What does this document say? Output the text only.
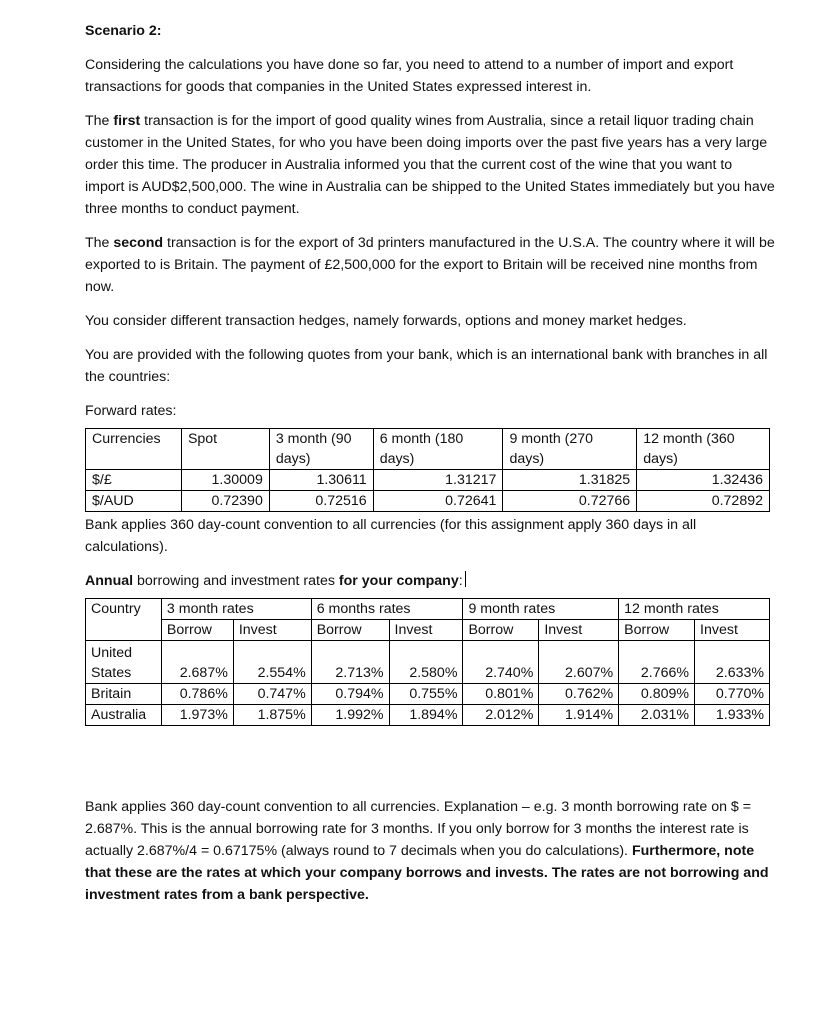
Scenario 2:

Considering the calculations you have done so far, you need to attend to a number of import and export transactions for goods that companies in the United States expressed interest in.

The first transaction is for the import of good quality wines from Australia, since a retail liquor trading chain customer in the United States, for who you have been doing imports over the past five years has a very large order this time. The producer in Australia informed you that the current cost of the wine that you want to import is AUD$2,500,000. The wine in Australia can be shipped to the United States immediately but you have three months to conduct payment.

The second transaction is for the export of 3d printers manufactured in the U.S.A. The country where it will be exported to is Britain. The payment of £2,500,000 for the export to Britain will be received nine months from now.

You consider different transaction hedges, namely forwards, options and money market hedges.

You are provided with the following quotes from your bank, which is an international bank with branches in all the countries:

Forward rates:

Currencies	Spot	3 month (90 days)	6 month (180 days)	9 month (270 days)	12 month (360 days)
$/£	1.30009	1.30611	1.31217	1.31825	1.32436
$/AUD	0.72390	0.72516	0.72641	0.72766	0.72892

Bank applies 360 day-count convention to all currencies (for this assignment apply 360 days in all calculations).

Annual borrowing and investment rates for your company:

Country	3 month rates		6 months rates		9 month rates		12 month rates	
	Borrow	Invest	Borrow	Invest	Borrow	Invest	Borrow	Invest
United
States	2.687%	2.554%	2.713%	2.580%	2.740%	2.607%	2.766%	2.633%
Britain	0.786%	0.747%	0.794%	0.755%	0.801%	0.762%	0.809%	0.770%
Australia	1.973%	1.875%	1.992%	1.894%	2.012%	1.914%	2.031%	1.933%

Bank applies 360 day-count convention to all currencies. Explanation – e.g. 3 month borrowing rate on $ = 2.687%. This is the annual borrowing rate for 3 months. If you only borrow for 3 months the interest rate is actually 2.687%/4 = 0.67175% (always round to 7 decimals when you do calculations). Furthermore, note that these are the rates at which your company borrows and invests. The rates are not borrowing and investment rates from a bank perspective.
